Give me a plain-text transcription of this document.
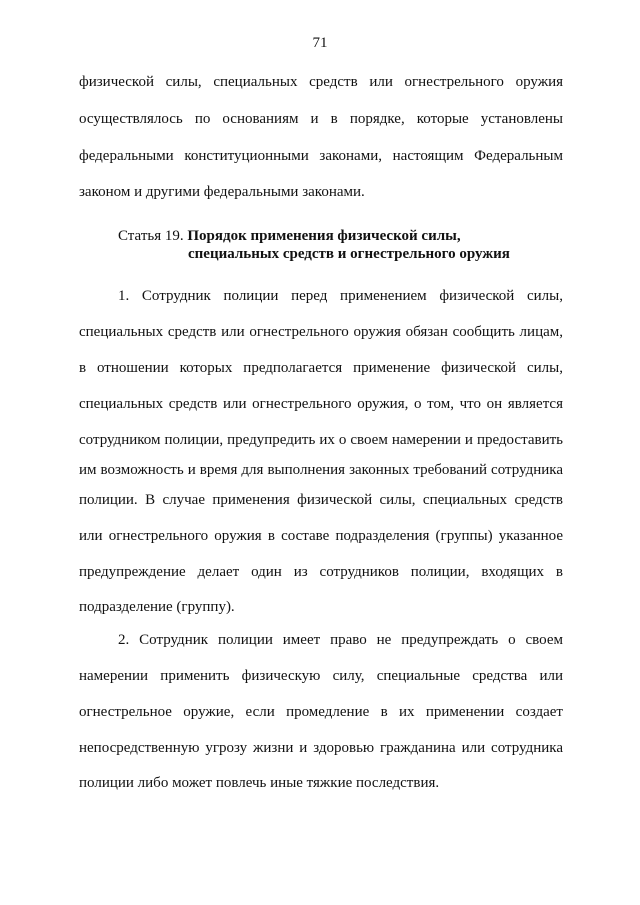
71
физической силы, специальных средств или огнестрельного оружия
осуществлялось по основаниям и в порядке, которые установлены
федеральными конституционными законами, настоящим Федеральным
законом и другими федеральными законами.
Статья 19. Порядок применения физической силы,
специальных средств и огнестрельного оружия
1. Сотрудник полиции перед применением физической силы,
специальных средств или огнестрельного оружия обязан сообщить лицам,
в отношении которых предполагается применение физической силы,
специальных средств или огнестрельного оружия, о том, что он является
сотрудником полиции, предупредить их о своем намерении и предоставить
им возможность и время для выполнения законных требований сотрудника
полиции. В случае применения физической силы, специальных средств
или огнестрельного оружия в составе подразделения (группы) указанное
предупреждение делает один из сотрудников полиции, входящих в
подразделение (группу).
2. Сотрудник полиции имеет право не предупреждать о своем
намерении применить физическую силу, специальные средства или
огнестрельное оружие, если промедление в их применении создает
непосредственную угрозу жизни и здоровью гражданина или сотрудника
полиции либо может повлечь иные тяжкие последствия.
